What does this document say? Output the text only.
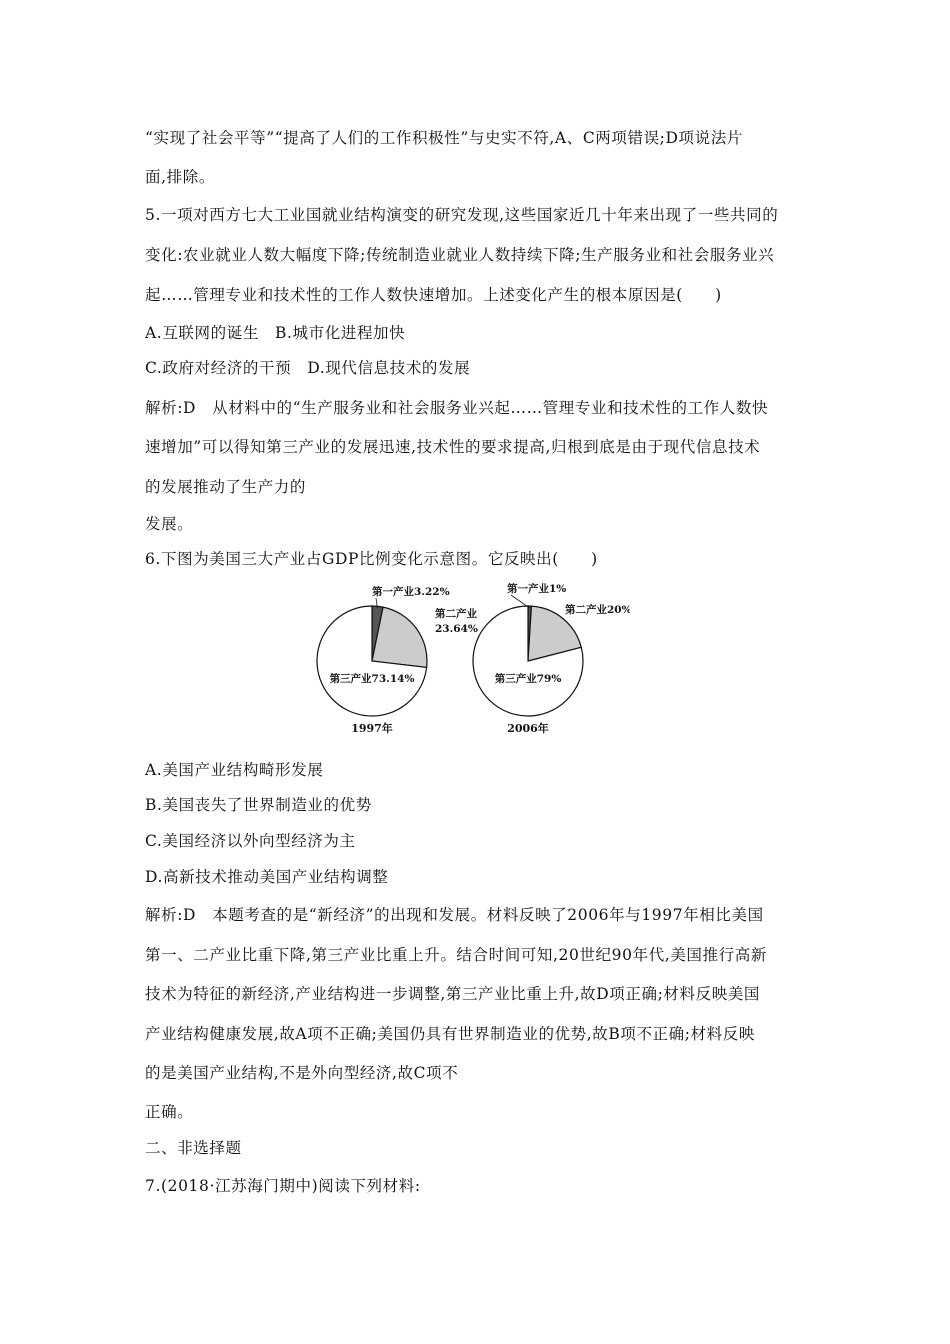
“实现了社会平等”“提高了人们的工作积极性”与史实不符,A、C两项错误;D项说法片
面,排除。
5.一项对西方七大工业国就业结构演变的研究发现,这些国家近几十年来出现了一些共同的
变化:农业就业人数大幅度下降;传统制造业就业人数持续下降;生产服务业和社会服务业兴
起……管理专业和技术性的工作人数快速增加。上述变化产生的根本原因是(　　)
A.互联网的诞生　B.城市化进程加快
C.政府对经济的干预　D.现代信息技术的发展
解析:D　从材料中的“生产服务业和社会服务业兴起……管理专业和技术性的工作人数快
速增加”可以得知第三产业的发展迅速,技术性的要求提高,归根到底是由于现代信息技术
的发展推动了生产力的
发展。
6.下图为美国三大产业占GDP比例变化示意图。它反映出(　　)
第一产业3.22%
第二产业
23.64%
第三产业73.14%
1997年
第一产业1%
第二产业20%
第三产业79%
2006年
A.美国产业结构畸形发展
B.美国丧失了世界制造业的优势
C.美国经济以外向型经济为主
D.高新技术推动美国产业结构调整
解析:D　本题考查的是“新经济”的出现和发展。材料反映了2006年与1997年相比美国
第一、二产业比重下降,第三产业比重上升。结合时间可知,20世纪90年代,美国推行高新
技术为特征的新经济,产业结构进一步调整,第三产业比重上升,故D项正确;材料反映美国
产业结构健康发展,故A项不正确;美国仍具有世界制造业的优势,故B项不正确;材料反映
的是美国产业结构,不是外向型经济,故C项不
正确。
二、非选择题
7.(2018·江苏海门期中)阅读下列材料:
